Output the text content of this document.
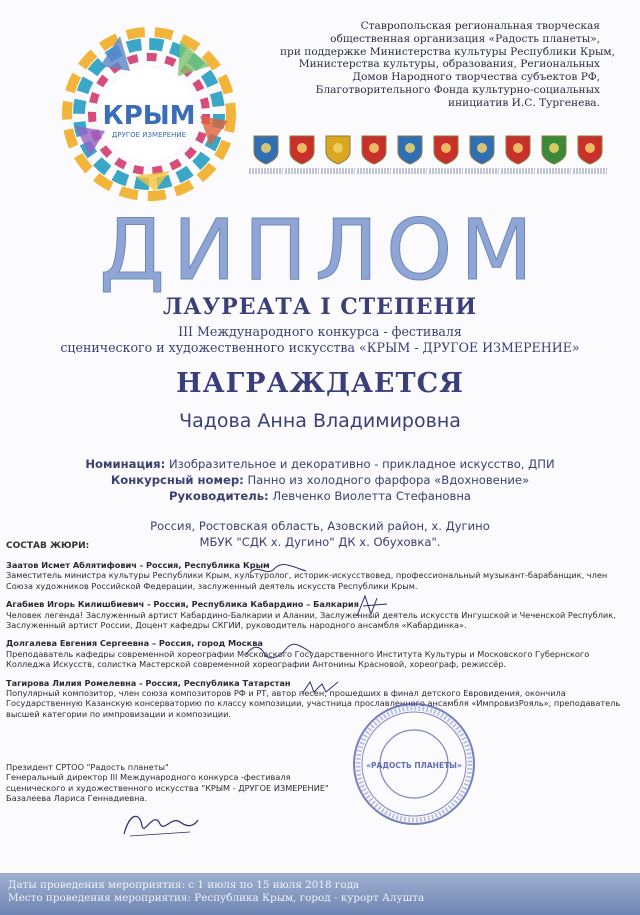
КРЫМ
ДРУГОЕ ИЗМЕРЕНИЕ
Ставропольская региональная творческая
общественная организация «Радость планеты»,
при поддержке Министерства культуры Республики Крым,
Министерства культуры, образования, Региональных
Домов Народного творчества субъектов РФ,
Благотворительного Фонда культурно-социальных
инициатив И.С. Тургенева.
ДИПЛОМ
ЛАУРЕАТА I СТЕПЕНИ
III Международного конкурса - фестиваля
сценического и художественного искусства «КРЫМ - ДРУГОЕ ИЗМЕРЕНИЕ»
НАГРАЖДАЕТСЯ
Чадова Анна Владимировна
Номинация: Изобразительное и декоративно - прикладное искусство, ДПИ
Конкурсный номер: Панно из холодного фарфора «Вдохновение»
Руководитель: Левченко Виолетта Стефановна
Россия, Ростовская область, Азовский район, х. Дугино
МБУК "СДК х. Дугино" ДК х. Обуховка".
СОСТАВ ЖЮРИ:
Заатов Исмет Аблятифович - Россия, Республика Крым
Заместитель министра культуры Республики Крым, культуролог, историк-искусствовед, профессиональный музыкант-барабанщик, член Союза художников Российской Федерации, заслуженный деятель искусств Республики Крым.
Агабиев Игорь Килишбиевич - Россия, Республика Кабардино – Балкария
Человек легенда! Заслуженный артист Кабардино-Балкарии и Алании, Заслуженный деятель искусств Ингушской и Чеченской Республик, Заслуженный артист России, Доцент кафедры СКГИИ, руководитель народного ансамбля «Кабардинка».
Долгалева Евгения Сергеевна – Россия, город Москва
Преподаватель кафедры современной хореографии Московского Государственного Института Культуры и Московского Губернского Колледжа Искусств, солистка Мастерской современной хореографии Антонины Красновой, хореограф, режиссёр.
Тагирова Лилия Ромелевна - Россия, Республика Татарстан
Популярный композитор, член союза композиторов РФ и РТ, автор песен, прошедших в финал детского Евровидения, окончила Государственную Казанскую консерваторию по классу композиции, участница прославленного ансамбля «ИмпровизРояль», преподаватель высшей категории по импровизации и композиции.
Президент СРТОО "Радость планеты"
Генеральный директор III Международного конкурса -фестиваля
сценического и художественного искусства "КРЫМ - ДРУГОЕ ИЗМЕРЕНИЕ"
Базалеева Лариса Геннадиевна.
«РАДОСТЬ ПЛАНЕТЫ»
Даты проведения мероприятия: с 1 июля по 15 июля 2018 года
Место проведения мероприятия: Республика Крым, город - курорт Алушта
